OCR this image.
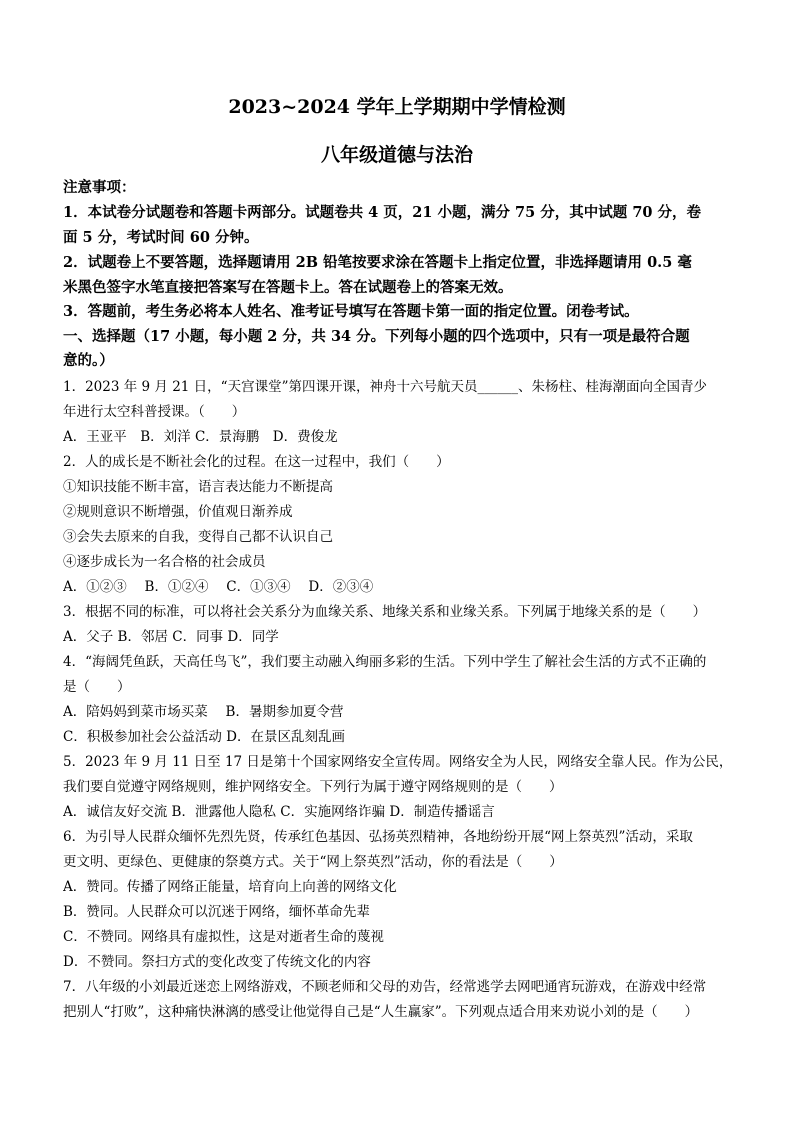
2023~2024 学年上学期期中学情检测
八年级道德与法治
注意事项：
1．本试卷分试题卷和答题卡两部分。试题卷共 4 页，21 小题，满分 75 分，其中试题 70 分，卷
面 5 分，考试时间 60 分钟。
2．试题卷上不要答题，选择题请用 2B 铅笔按要求涂在答题卡上指定位置，非选择题请用 0.5 毫
米黑色签字水笔直接把答案写在答题卡上。答在试题卷上的答案无效。
3．答题前，考生务必将本人姓名、准考证号填写在答题卡第一面的指定位置。闭卷考试。
一、选择题（17 小题，每小题 2 分，共 34 分。下列每小题的四个选项中，只有一项是最符合题
意的。）
1．2023 年 9 月 21 日，“天宫课堂”第四课开课，神舟十六号航天员______、朱杨柱、桂海潮面向全国青少
年进行太空科普授课。（　　）
A．王亚平　B．刘洋 C．景海鹏　D．费俊龙
2．人的成长是不断社会化的过程。在这一过程中，我们（　　）
①知识技能不断丰富，语言表达能力不断提高
②规则意识不断增强，价值观日渐养成
③会失去原来的自我，变得自己都不认识自己
④逐步成长为一名合格的社会成员
A．①②③　 B．①②④　 C．①③④　 D．②③④
3．根据不同的标准，可以将社会关系分为血缘关系、地缘关系和业缘关系。下列属于地缘关系的是（　　）
A．父子 B．邻居 C．同事 D．同学
4．“海阔凭鱼跃，天高任鸟飞”，我们要主动融入绚丽多彩的生活。下列中学生了解社会生活的方式不正确的
是（　　）
A．陪妈妈到菜市场买菜　 B．暑期参加夏令营
C．积极参加社会公益活动 D．在景区乱刻乱画
5．2023 年 9 月 11 日至 17 日是第十个国家网络安全宣传周。网络安全为人民，网络安全靠人民。作为公民，
我们要自觉遵守网络规则，维护网络安全。下列行为属于遵守网络规则的是（　　）
A．诚信友好交流 B．泄露他人隐私 C．实施网络诈骗 D．制造传播谣言
6．为引导人民群众缅怀先烈先贤，传承红色基因、弘扬英烈精神，各地纷纷开展“网上祭英烈”活动，采取
更文明、更绿色、更健康的祭奠方式。关于“网上祭英烈”活动，你的看法是（　　）
A．赞同。传播了网络正能量，培育向上向善的网络文化
B．赞同。人民群众可以沉迷于网络，缅怀革命先辈
C．不赞同。网络具有虚拟性，这是对逝者生命的蔑视
D．不赞同。祭扫方式的变化改变了传统文化的内容
7．八年级的小刘最近迷恋上网络游戏，不顾老师和父母的劝告，经常逃学去网吧通宵玩游戏，在游戏中经常
把别人“打败”，这种痛快淋漓的感受让他觉得自己是“人生赢家”。下列观点适合用来劝说小刘的是（　　）
